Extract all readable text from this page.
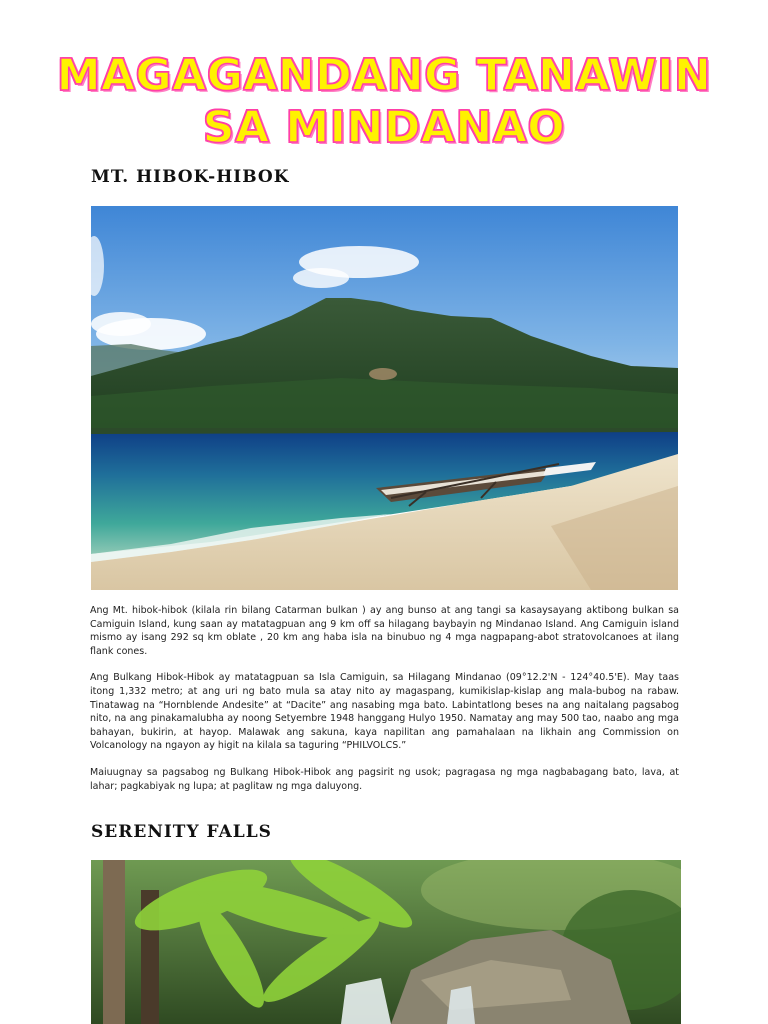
MAGAGANDANG TANAWIN
SA MINDANAO
MT. HIBOK-HIBOK

Ang Mt. hibok-hibok (kilala rin bilang Catarman bulkan ) ay ang bunso at ang tangi sa kasaysayang aktibong bulkan sa Camiguin Island, kung saan ay matatagpuan ang 9 km off sa hilagang baybayin ng Mindanao Island. Ang Camiguin island mismo ay isang 292 sq km oblate , 20 km ang haba isla na binubuo ng 4 mga nagpapang-abot stratovolcanoes at ilang flank cones.

Ang Bulkang Hibok-Hibok ay matatagpuan sa Isla Camiguin, sa Hilagang Mindanao (09°12.2'N - 124°40.5'E). May taas itong 1,332 metro; at ang uri ng bato mula sa atay nito ay magaspang, kumikislap-kislap ang mala-bubog na rabaw. Tinatawag na “Hornblende Andesite” at “Dacite” ang nasabing mga bato. Labintatlong beses na ang naitalang pagsabog nito, na ang pinakamalubha ay noong Setyembre 1948 hanggang Hulyo 1950. Namatay ang may 500 tao, naabo ang mga bahayan, bukirin, at hayop. Malawak ang sakuna, kaya napilitan ang pamahalaan na likhain ang Commission on Volcanology na ngayon ay higit na kilala sa taguring “PHILVOLCS.”

Maiuugnay sa pagsabog ng Bulkang Hibok-Hibok ang pagsirit ng usok; pagragasa ng mga nagbabagang bato, lava, at lahar; pagkabiyak ng lupa; at paglitaw ng mga daluyong.

SERENITY FALLS
